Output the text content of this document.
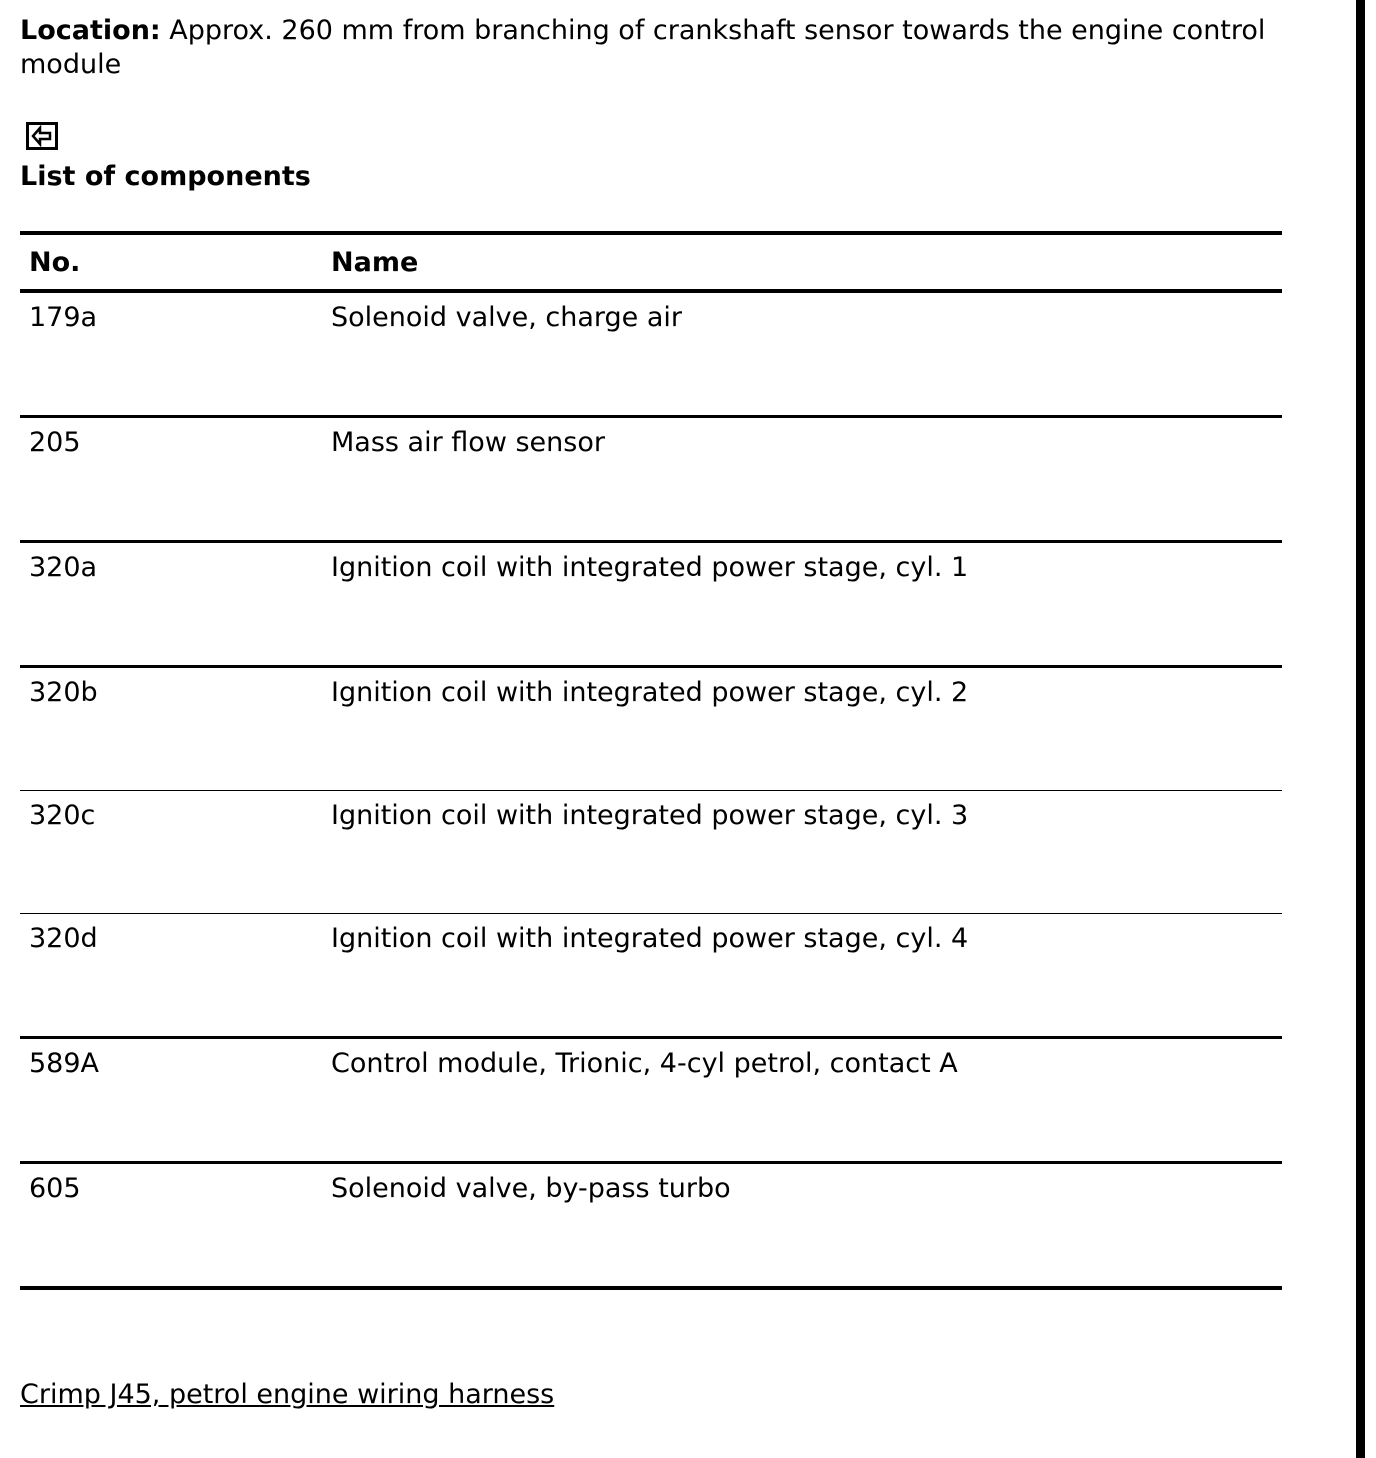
Location: Approx. 260 mm from branching of crankshaft sensor towards the engine control module

List of components

No.	Name
179a	Solenoid valve, charge air
205	Mass air flow sensor
320a	Ignition coil with integrated power stage, cyl. 1
320b	Ignition coil with integrated power stage, cyl. 2
320c	Ignition coil with integrated power stage, cyl. 3
320d	Ignition coil with integrated power stage, cyl. 4
589A	Control module, Trionic, 4-cyl petrol, contact A
605	Solenoid valve, by-pass turbo
Crimp J45, petrol engine wiring harness
